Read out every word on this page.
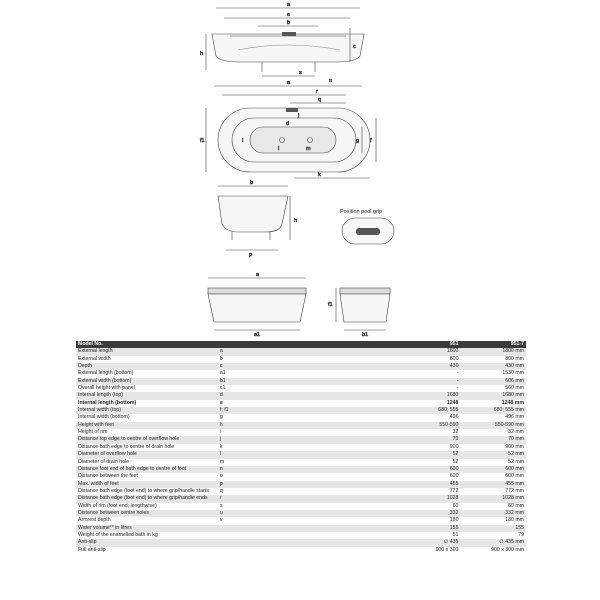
a
e
b
h
c
n
s
a
r
q
j
f1	g f
d
i
k
l	m
b
h
p
a
a1
f1
b1
Position pool grip
Model No.		951	951-7
External length	a	1800	1800 mm
External width	b	800	800 mm
Depth	c	430	430 mm
External length (bottom)	a1	-	1530 mm
External width (bottom)	b1	-	606 mm
Overall height with panel	c1	-	560 mm
Internal length (top)	d	1680	1680 mm
Internal length (bottom)	e	1248	1248 mm
Internal width (top)	f; f1	680; 555	680; 555 mm
Internal width (bottom)	g	496	496 mm
Height with feet	h	550-590	550-590 mm
Height of rim	i	32	32 mm
Distance top edge to centre of overflow hole	j	70	70 mm
Distance bath edge to centre of drain hole	k	900	900 mm
Diameter of overflow hole	l	52	52 mm
Diameter of drain hole	m	52	52 mm
Distance foot end of bath edge to centre of foot	n	600	600 mm
Distance between the feet	o	600	600 mm
Max. width of feet	p	455	455 mm
Distance bath edge (foot end) to where grip/handle starts	q	772	772 mm
Distance bath edge (foot end) to where grip/handle ends	r	1028	1028 mm
Width of rim (foot end; lengthwise)	s	60	60 mm
Distance between centre holes	u	332	332 mm
Armrest depth	v	180	180 mm
Water volume** in litres		155	155
Weight of the enamelled bath in kg		51	79
Anti-slip		∅ 435	∅ 435 mm
Full anti-slip		900 x 300	900 x 300 mm
